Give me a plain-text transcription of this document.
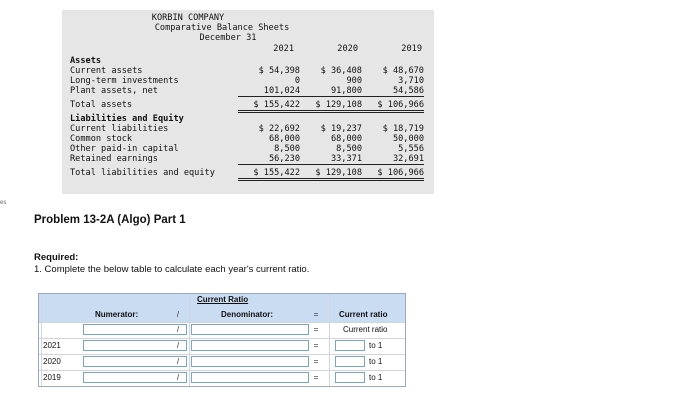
es
KORBIN COMPANY
Comparative Balance Sheets
December 31
2021	2020	2019
Assets
Current assets	$ 54,398	$ 36,408	$ 48,670
Long-term investments	0	900	3,710
Plant assets, net	101,024	91,800	54,586
Total assets	$ 155,422	$ 129,108	$ 106,966
Liabilities and Equity
Current liabilities	$ 22,692	$ 19,237	$ 18,719
Common stock	68,000	68,000	50,000
Other paid-in capital	8,500	8,500	5,556
Retained earnings	56,230	33,371	32,691
Total liabilities and equity	$ 155,422	$ 129,108	$ 106,966
Problem 13-2A (Algo) Part 1
Required:
1. Complete the below table to calculate each year's current ratio.
Current Ratio
Numerator:	/	Denominator:	=	Current ratio
/	=	Current ratio
2021	/	=	to 1
2020	/	=	to 1
2019	/	=	to 1
